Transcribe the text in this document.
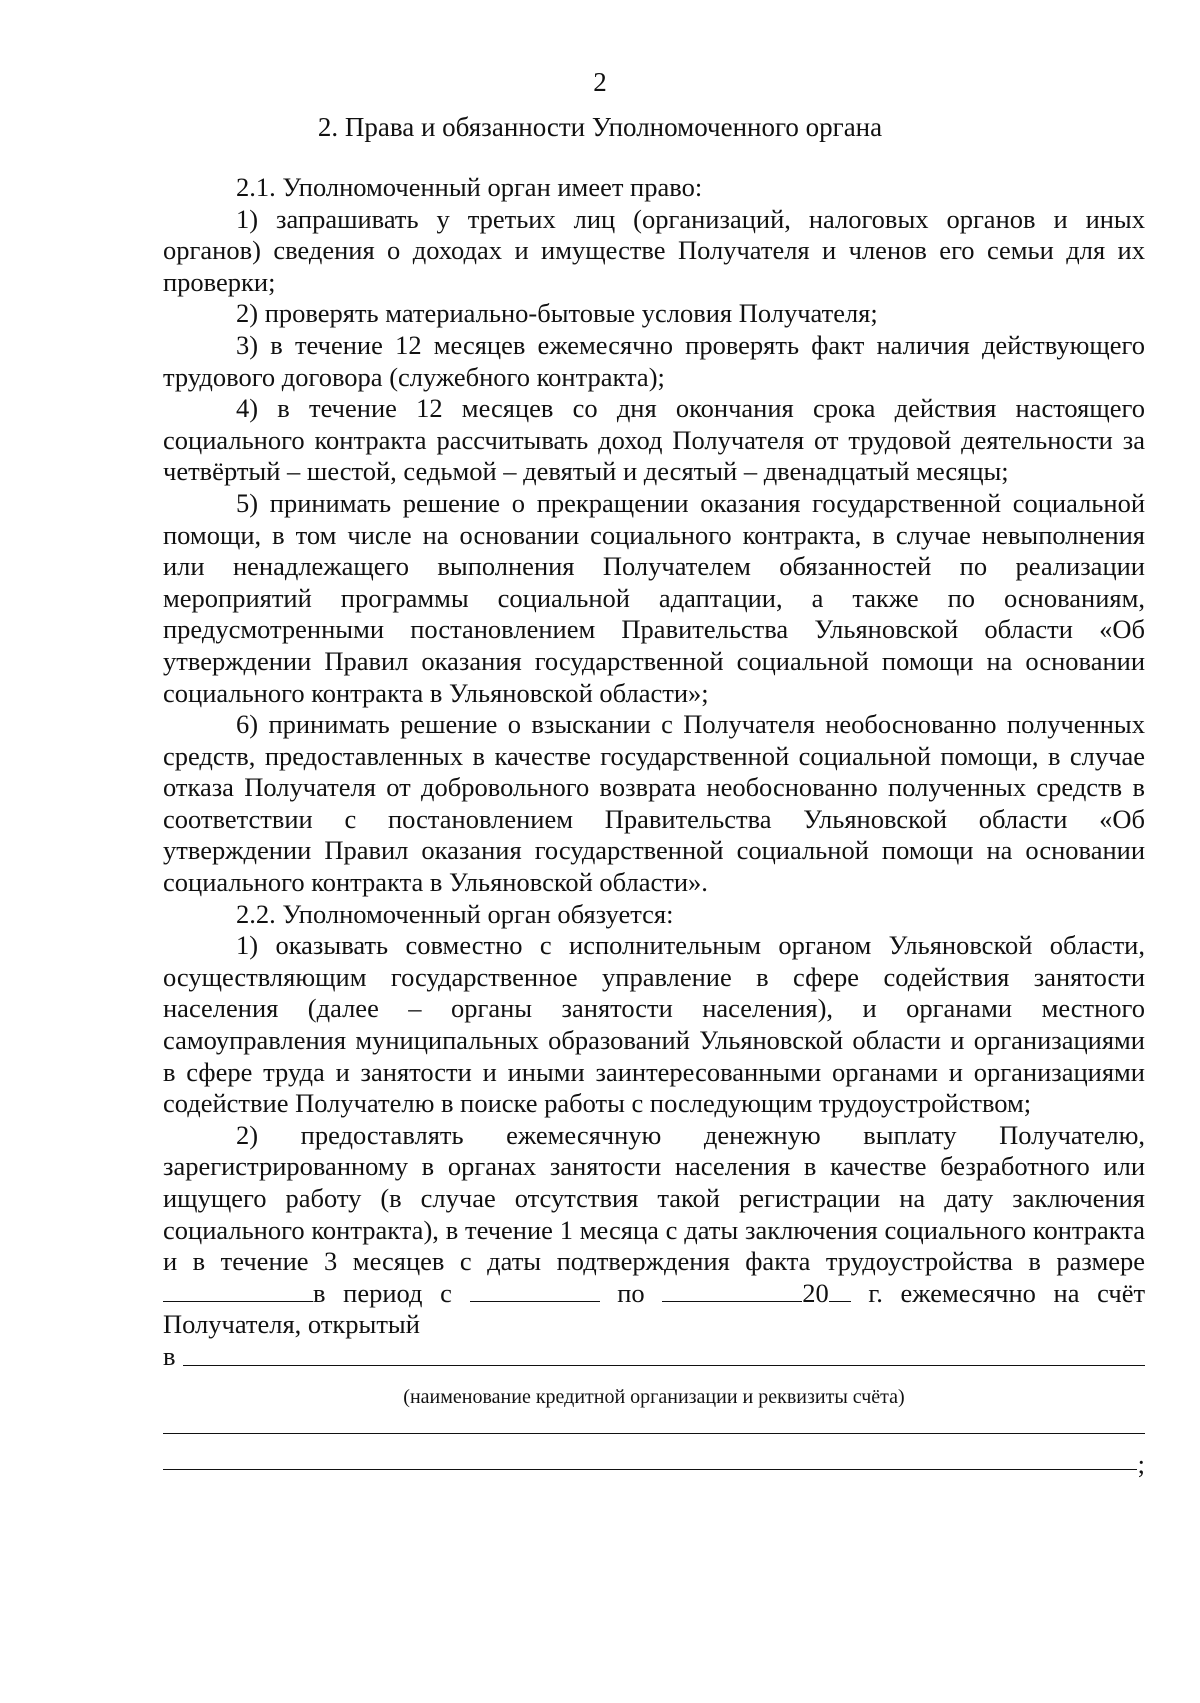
2
2. Права и обязанности Уполномоченного органа

2.1. Уполномоченный орган имеет право:

1) запрашивать у третьих лиц (организаций, налоговых органов и иных органов) сведения о доходах и имуществе Получателя и членов его семьи для их проверки;

2) проверять материально-бытовые условия Получателя;

3) в течение 12 месяцев ежемесячно проверять факт наличия действующего трудового договора (служебного контракта);

4) в течение 12 месяцев со дня окончания срока действия настоящего социального контракта рассчитывать доход Получателя от трудовой деятельности за четвёртый – шестой, седьмой – девятый и десятый – двенадцатый месяцы;

5) принимать решение о прекращении оказания государственной социальной помощи, в том числе на основании социального контракта, в случае невыполнения или ненадлежащего выполнения Получателем обязанностей по реализации мероприятий программы социальной адаптации, а также по основаниям, предусмотренными постановлением Правительства Ульяновской области «Об утверждении Правил оказания государственной социальной помощи на основании социального контракта в Ульяновской области»;

6) принимать решение о взыскании с Получателя необоснованно полученных средств, предоставленных в качестве государственной социальной помощи, в случае отказа Получателя от добровольного возврата необоснованно полученных средств в соответствии с постановлением Правительства Ульяновской области «Об утверждении Правил оказания государственной социальной помощи на основании социального контракта в Ульяновской области».

2.2. Уполномоченный орган обязуется:

1) оказывать совместно с исполнительным органом Ульяновской области, осуществляющим государственное управление в сфере содействия занятости населения (далее – органы занятости населения), и органами местного самоуправления муниципальных образований Ульяновской области и организациями в сфере труда и занятости и иными заинтересованными органами и организациями содействие Получателю в поиске работы с последующим трудоустройством;

2) предоставлять ежемесячную денежную выплату Получателю, зарегистрированному в органах занятости населения в качестве безработного или ищущего работу (в случае отсутствия такой регистрации на дату заключения социального контракта), в течение 1 месяца с даты заключения социального контракта и в течение 3 месяцев с даты подтверждения факта трудоустройства в размере в период с	по	20 г. ежемесячно на счёт Получателя, открытый

в
(наименование кредитной организации и реквизиты счёта)
;
